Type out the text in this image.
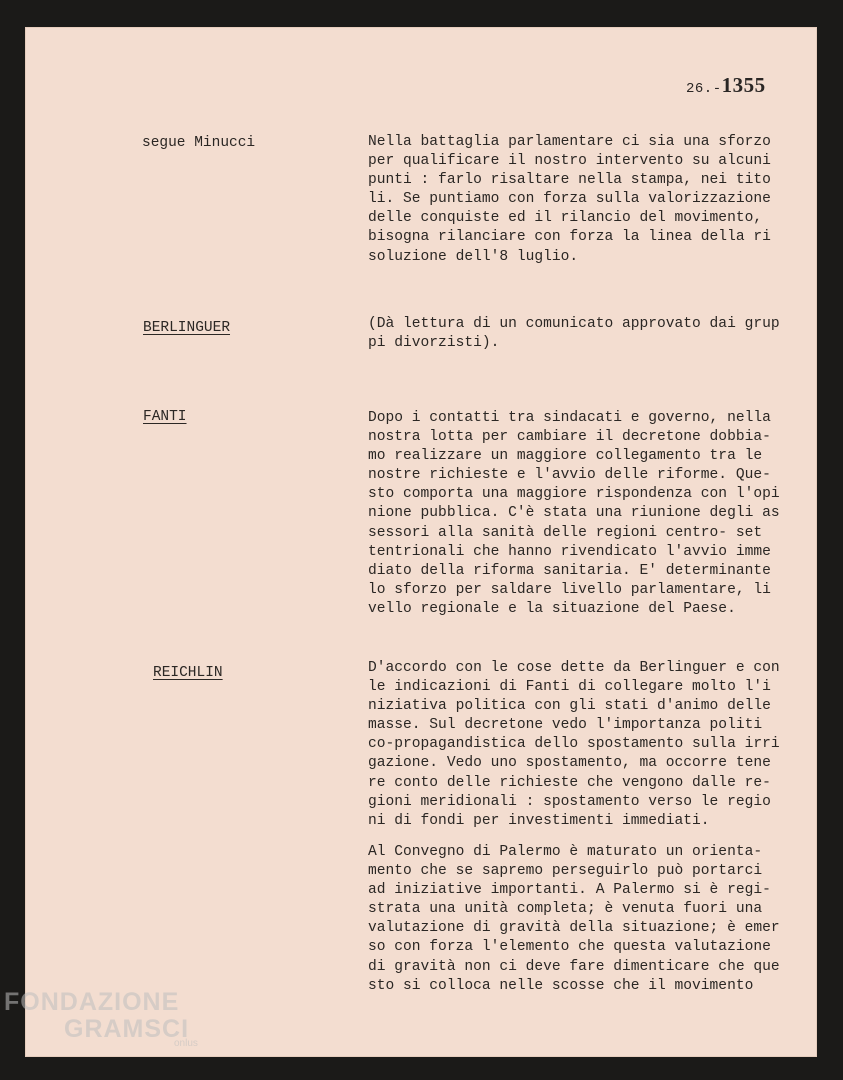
26.-1355
segue Minucci	Nella battaglia parlamentare ci sia una sforzo
per qualificare il nostro intervento su alcuni
punti : farlo risaltare nella stampa, nei tito
li. Se puntiamo con forza sulla valorizzazione
delle conquiste ed il rilancio del movimento,
bisogna rilanciare con forza la linea della ri
soluzione dell'8 luglio.
BERLINGUER	(Dà lettura di un comunicato approvato dai grup
pi divorzisti).
FANTI	Dopo i contatti tra sindacati e governo, nella
nostra lotta per cambiare il decretone dobbia-
mo realizzare un maggiore collegamento tra le
nostre richieste e l'avvio delle riforme. Que-
sto comporta una maggiore rispondenza con l'opi
nione pubblica. C'è stata una riunione degli as
sessori alla sanità delle regioni centro- set
tentrionali che hanno rivendicato l'avvio imme
diato della riforma sanitaria. E' determinante
lo sforzo per saldare livello parlamentare, li
vello regionale e la situazione del Paese.
REICHLIN	D'accordo con le cose dette da Berlinguer e con
le indicazioni di Fanti di collegare molto l'i
niziativa politica con gli stati d'animo delle
masse. Sul decretone vedo l'importanza politi
co-propagandistica dello spostamento sulla irri
gazione. Vedo uno spostamento, ma occorre tene
re conto delle richieste che vengono dalle re-
gioni meridionali : spostamento verso le regio
ni di fondi per investimenti immediati.
Al Convegno di Palermo è maturato un orienta-
mento che se sapremo perseguirlo può portarci
ad iniziative importanti. A Palermo si è regi-
strata una unità completa; è venuta fuori una
valutazione di gravità della situazione; è emer
so con forza l'elemento che questa valutazione
di gravità non ci deve fare dimenticare che que
sto si colloca nelle scosse che il movimento
FONDAZIONE
GRAMSCI
onlus
